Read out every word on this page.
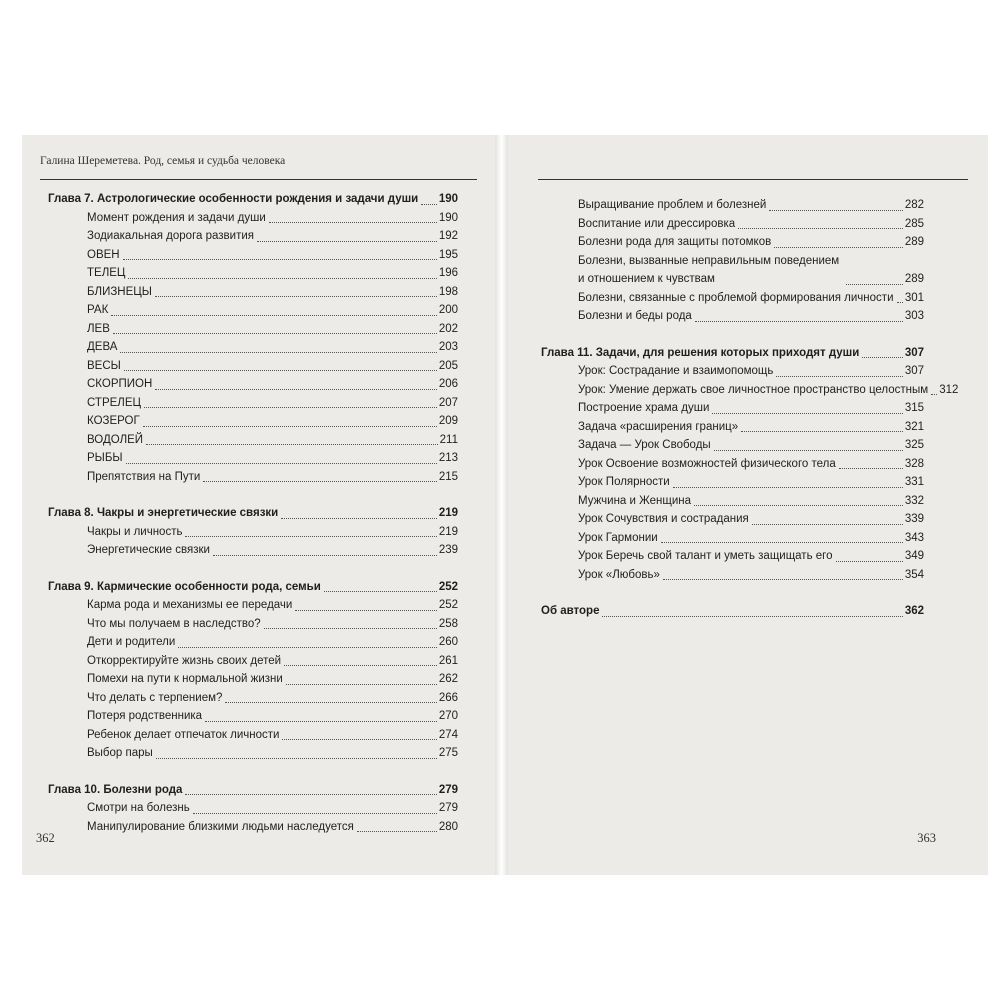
Галина Шереметева. Род, семья и судьба человека
Глава 7. Астрологические особенности рождения и задачи души 190
Момент рождения и задачи души	190
Зодиакальная дорога развития	192
ОВЕН	195
ТЕЛЕЦ	196
БЛИЗНЕЦЫ	198
РАК	200
ЛЕВ	202
ДЕВА	203
ВЕСЫ	205
СКОРПИОН	206
СТРЕЛЕЦ	207
КОЗЕРОГ	209
ВОДОЛЕЙ	211
РЫБЫ	213
Препятствия на Пути	215
Глава 8. Чакры и энергетические связки	219
Чакры и личность	219
Энергетические связки	239
Глава 9. Кармические особенности рода, семьи	252
Карма рода и механизмы ее передачи	252
Что мы получаем в наследство?	258
Дети и родители	260
Откорректируйте жизнь своих детей	261
Помехи на пути к нормальной жизни	262
Что делать с терпением?	266
Потеря родственника	270
Ребенок делает отпечаток личности	274
Выбор пары	275
Глава 10. Болезни рода	279
Смотри на болезнь	279
Манипулирование близкими людьми наследуется	280
362
Выращивание проблем и болезней	282
Воспитание или дрессировка	285
Болезни рода для защиты потомков	289
Болезни, вызванные неправильным поведением и отношением к чувствам	289
Болезни, связанные с проблемой формирования личности 301
Болезни и беды рода	303
Глава 11. Задачи, для решения которых приходят души	307
Урок: Сострадание и взаимопомощь	307
Урок: Умение держать свое личностное пространство целостным 312
Построение храма души	315
Задача «расширения границ»	321
Задача — Урок Свободы	325
Урок Освоение возможностей физического тела	328
Урок Полярности	331
Мужчина и Женщина	332
Урок Сочувствия и сострадания	339
Урок Гармонии	343
Урок Беречь свой талант и уметь защищать его	349
Урок «Любовь»	354
Об авторе	362
363
